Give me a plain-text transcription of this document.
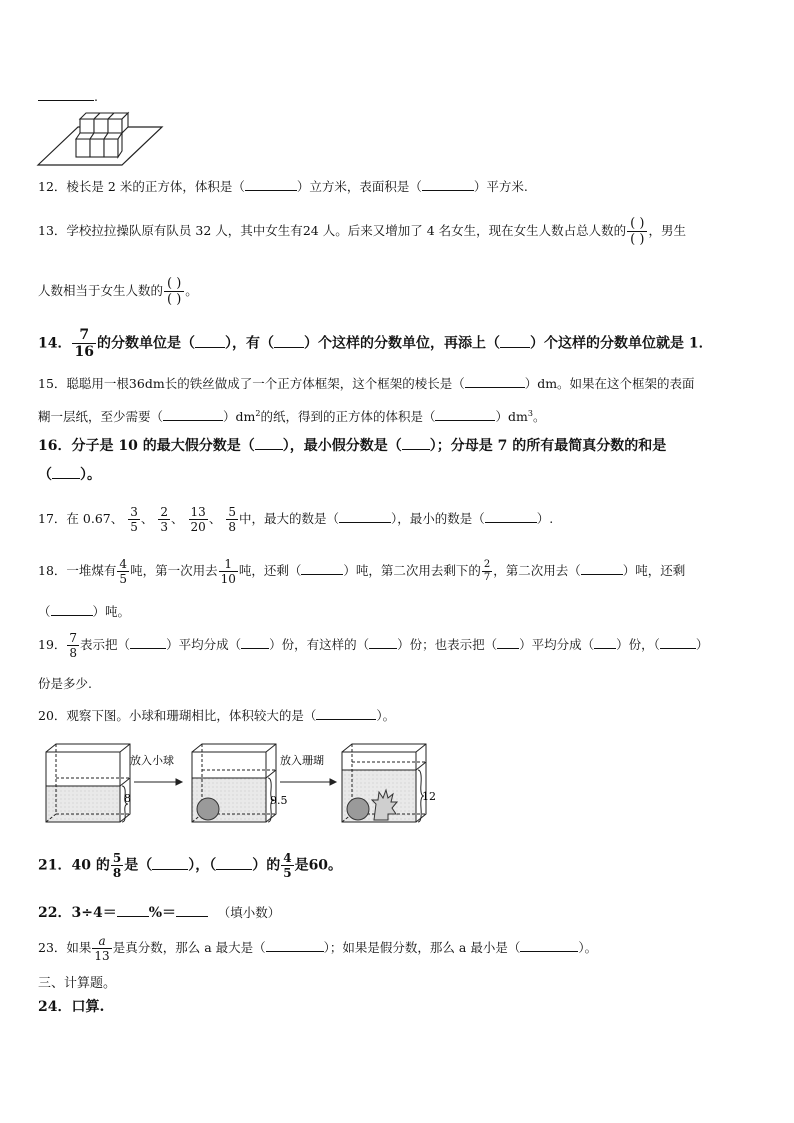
.
12．棱长是 2 米的正方体，体积是（	）立方米，表面积是（	）平方米.
13．学校拉拉操队原有队员 32 人，其中女生有24 人。后来又增加了 4 名女生，现在女生人数占总人数的 $\frac{( )}{( )}$ ，男生
人数相当于女生人数的 $\frac{( )}{( )}$ 。
14． $\frac{7}{16}$ 的分数单位是（ ），有（ ）个这样的分数单位，再添上（ ）个这样的分数单位就是 1．
15．聪聪用一根36dm长的铁丝做成了一个正方体框架，这个框架的棱长是（	）dm。如果在这个框架的表面
糊一层纸，至少需要（	）$dm^2$的纸，得到的正方体的体积是（	）$dm^3$。
16．分子是 10 的最大假分数是（ ），最小假分数是（ ）；分母是 7 的所有最简真分数的和是
（ ）。
17．在 0.67、 $\frac{3}{5}$ 、 $\frac{2}{3}$ 、 $\frac{13}{20}$ 、 $\frac{5}{8}$ 中，最大的数是（	），最小的数是（	）.
18．一堆煤有 $\frac{4}{5}$ 吨，第一次用去 $\frac{1}{10}$ 吨，还剩（	）吨，第二次用去剩下的 $\frac{2}{7}$ ，第二次用去（	）吨，还剩
（	）吨。
19． $\frac{7}{8}$ 表示把（	）平均分成（ ）份，有这样的（ ）份；也表示把（ ）平均分成（ ）份，（	）
份是多少.
20．观察下图。小球和珊瑚相比，体积较大的是（	）。
放入小球	放入珊瑚
8	9.5	12
21．40 的 $\frac{5}{8}$ 是（	），（	）的 $\frac{4}{5}$ 是60。
22．3÷4＝ %＝	（填小数）
23．如果 $\frac{a}{13}$ 是真分数，那么 a 最大是（	）；如果是假分数，那么 a 最小是（	）。
三、计算题。
24．口算.
